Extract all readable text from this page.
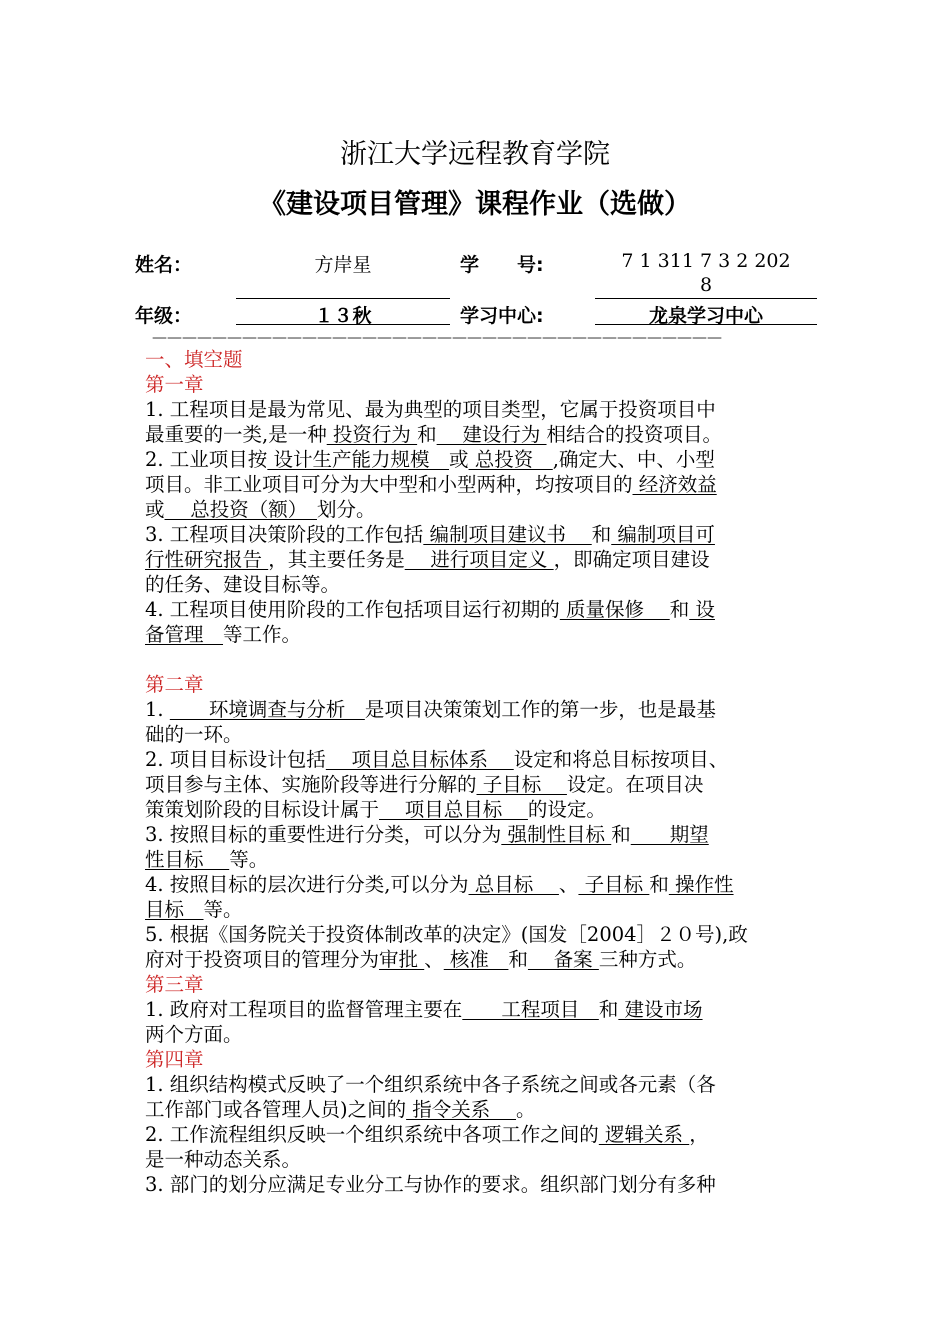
浙江大学远程教育学院
《建设项目管理》课程作业（选做）
姓名：	方岸星	学　　号:	7 1 311 7 3 2 202
8
年级：	１３秋	学习中心:	龙泉学习中心
——————————————————————————————————————
一、填空题
第一章
1. 工程项目是最为常见、最为典型的项目类型，它属于投资项目中
最重要的一类,是一种 投资行为 和　 建设行为 相结合的投资项目。
2. 工业项目按 设计生产能力规模　或 总投资　,确定大、中、小型
项目。非工业项目可分为大中型和小型两种，均按项目的 经济效益
或　 总投资（额）　划分。
3. 工程项目决策阶段的工作包括 编制项目建议书　 和 编制项目可
行性研究报告 ，其主要任务是　 进行项目定义 ，即确定项目建设
的任务、建设目标等。
4. 工程项目使用阶段的工作包括项目运行初期的 质量保修　 和 设
备管理　等工作。
第二章
1. 　　环境调查与分析　是项目决策策划工作的第一步，也是最基
础的一环。
2. 项目目标设计包括　 项目总目标体系　 设定和将总目标按项目、
项目参与主体、实施阶段等进行分解的 子目标　 设定。在项目决
策策划阶段的目标设计属于　 项目总目标　 的设定。
3. 按照目标的重要性进行分类，可以分为 强制性目标 和　　期望
性目标　 等。
4. 按照目标的层次进行分类,可以分为 总目标　 、 子目标 和 操作性
目标　等。
5. 根据《国务院关于投资体制改革的决定》(国发［2004］２０号),政
府对于投资项目的管理分为审批 、 核准　和　 备案 三种方式。
第三章
1. 政府对工程项目的监督管理主要在　　工程项目　和 建设市场
两个方面。
第四章
1. 组织结构模式反映了一个组织系统中各子系统之间或各元素（各
工作部门或各管理人员)之间的 指令关系　 。
2. 工作流程组织反映一个组织系统中各项工作之间的 逻辑关系 ，
是一种动态关系。
3. 部门的划分应满足专业分工与协作的要求。组织部门划分有多种
